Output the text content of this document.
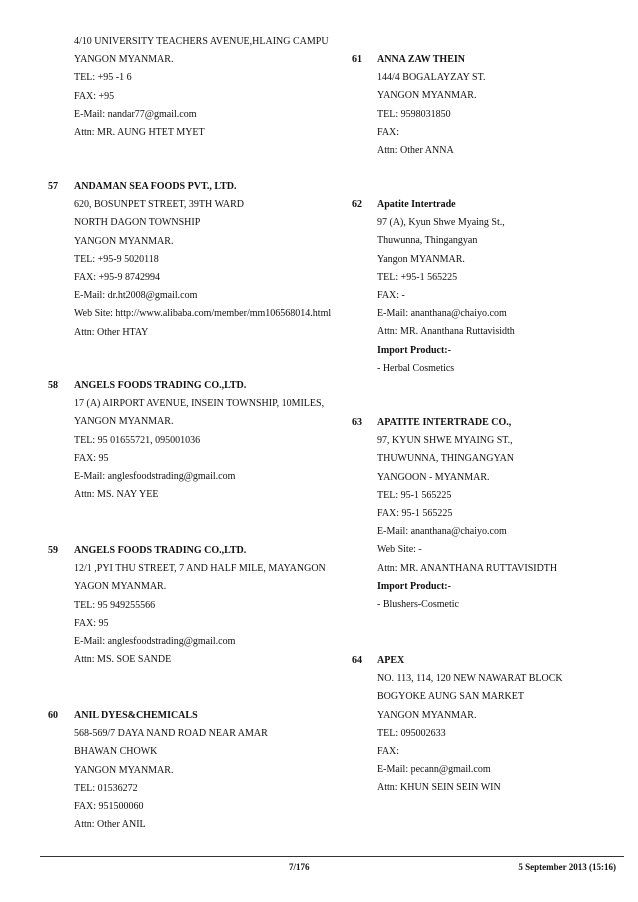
4/10 UNIVERSITY TEACHERS AVENUE,HLAING CAMPU
YANGON MYANMAR.
TEL: +95 -1 6
FAX: +95
E-Mail: nandar77@gmail.com
Attn: MR. AUNG HTET MYET
57 ANDAMAN SEA FOODS PVT., LTD.
620, BOSUNPET STREET, 39TH WARD
NORTH DAGON TOWNSHIP
YANGON MYANMAR.
TEL: +95-9 5020118
FAX: +95-9 8742994
E-Mail: dr.ht2008@gmail.com
Web Site: http://www.alibaba.com/member/mm106568014.html
Attn: Other HTAY
58 ANGELS FOODS TRADING CO.,LTD.
17 (A) AIRPORT AVENUE, INSEIN TOWNSHIP, 10MILES,
YANGON MYANMAR.
TEL: 95 01655721, 095001036
FAX: 95
E-Mail: anglesfoodstrading@gmail.com
Attn: MS. NAY YEE
59 ANGELS FOODS TRADING CO.,LTD.
12/1 ,PYI THU STREET, 7 AND HALF MILE, MAYANGON
YAGON MYANMAR.
TEL: 95 949255566
FAX: 95
E-Mail: anglesfoodstrading@gmail.com
Attn: MS. SOE SANDE
60 ANIL DYES&CHEMICALS
568-569/7 DAYA NAND ROAD NEAR AMAR
BHAWAN CHOWK
YANGON MYANMAR.
TEL: 01536272
FAX: 951500060
Attn: Other ANIL
61 ANNA ZAW THEIN
144/4 BOGALAYZAY ST.
YANGON MYANMAR.
TEL: 9598031850
FAX:
Attn: Other ANNA
62 Apatite Intertrade
97 (A), Kyun Shwe Myaing St.,
Thuwunna, Thingangyan
Yangon MYANMAR.
TEL: +95-1 565225
FAX: -
E-Mail: ananthana@chaiyo.com
Attn: MR. Ananthana Ruttavisidth
Import Product:-
- Herbal Cosmetics
63 APATITE INTERTRADE CO.,
97, KYUN SHWE MYAING ST.,
THUWUNNA, THINGANGYAN
YANGOON - MYANMAR.
TEL: 95-1 565225
FAX: 95-1 565225
E-Mail: ananthana@chaiyo.com
Web Site: -
Attn: MR. ANANTHANA RUTTAVISIDTH
Import Product:-
- Blushers-Cosmetic
64 APEX
NO. 113, 114, 120 NEW NAWARAT BLOCK
BOGYOKE AUNG SAN MARKET
YANGON MYANMAR.
TEL: 095002633
FAX:
E-Mail: pecann@gmail.com
Attn: KHUN SEIN SEIN WIN
7/176	5 September 2013 (15:16)
